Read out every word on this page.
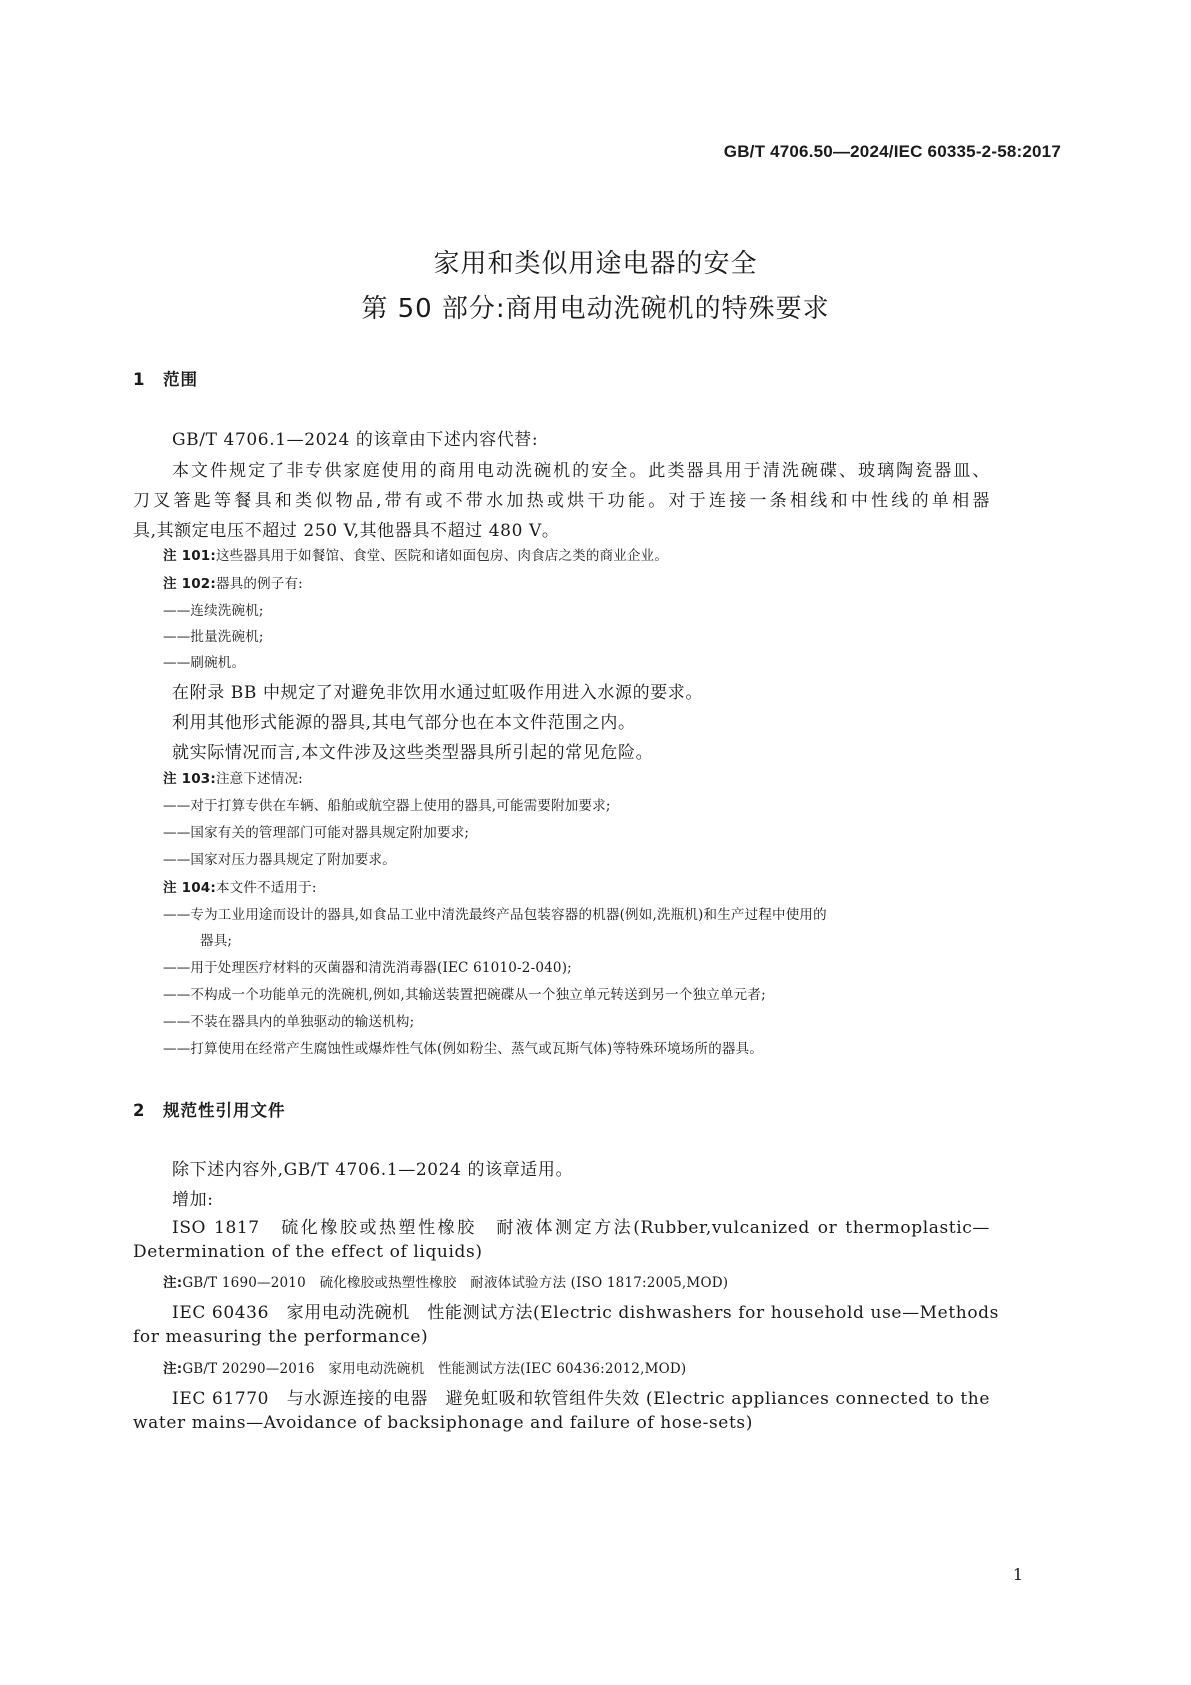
GB/T 4706.50—2024/IEC 60335-2-58:2017
家用和类似用途电器的安全
第 50 部分:商用电动洗碗机的特殊要求
1　范围
GB/T 4706.1—2024 的该章由下述内容代替:
本文件规定了非专供家庭使用的商用电动洗碗机的安全。此类器具用于清洗碗碟、玻璃陶瓷器皿、
刀叉箸匙等餐具和类似物品,带有或不带水加热或烘干功能。对于连接一条相线和中性线的单相器
具,其额定电压不超过 250 V,其他器具不超过 480 V。
注 101:这些器具用于如餐馆、食堂、医院和诸如面包房、肉食店之类的商业企业。
注 102:器具的例子有:
——连续洗碗机;
——批量洗碗机;
——刷碗机。
在附录 BB 中规定了对避免非饮用水通过虹吸作用进入水源的要求。
利用其他形式能源的器具,其电气部分也在本文件范围之内。
就实际情况而言,本文件涉及这些类型器具所引起的常见危险。
注 103:注意下述情况:
——对于打算专供在车辆、船舶或航空器上使用的器具,可能需要附加要求;
——国家有关的管理部门可能对器具规定附加要求;
——国家对压力器具规定了附加要求。
注 104:本文件不适用于:
——专为工业用途而设计的器具,如食品工业中清洗最终产品包装容器的机器(例如,洗瓶机)和生产过程中使用的
器具;
——用于处理医疗材料的灭菌器和清洗消毒器(IEC 61010-2-040);
——不构成一个功能单元的洗碗机,例如,其输送装置把碗碟从一个独立单元转送到另一个独立单元者;
——不装在器具内的单独驱动的输送机构;
——打算使用在经常产生腐蚀性或爆炸性气体(例如粉尘、蒸气或瓦斯气体)等特殊环境场所的器具。
2　规范性引用文件
除下述内容外,GB/T 4706.1—2024 的该章适用。
增加:
ISO 1817　硫化橡胶或热塑性橡胶　耐液体测定方法(Rubber,vulcanized or thermoplastic—
Determination of the effect of liquids)
注:GB/T 1690—2010　硫化橡胶或热塑性橡胶　耐液体试验方法 (ISO 1817:2005,MOD)
IEC 60436　家用电动洗碗机　性能测试方法(Electric dishwashers for household use—Methods
for measuring the performance)
注:GB/T 20290—2016　家用电动洗碗机　性能测试方法(IEC 60436:2012,MOD)
IEC 61770　与水源连接的电器　避免虹吸和软管组件失效 (Electric appliances connected to the
water mains—Avoidance of backsiphonage and failure of hose-sets)
1
